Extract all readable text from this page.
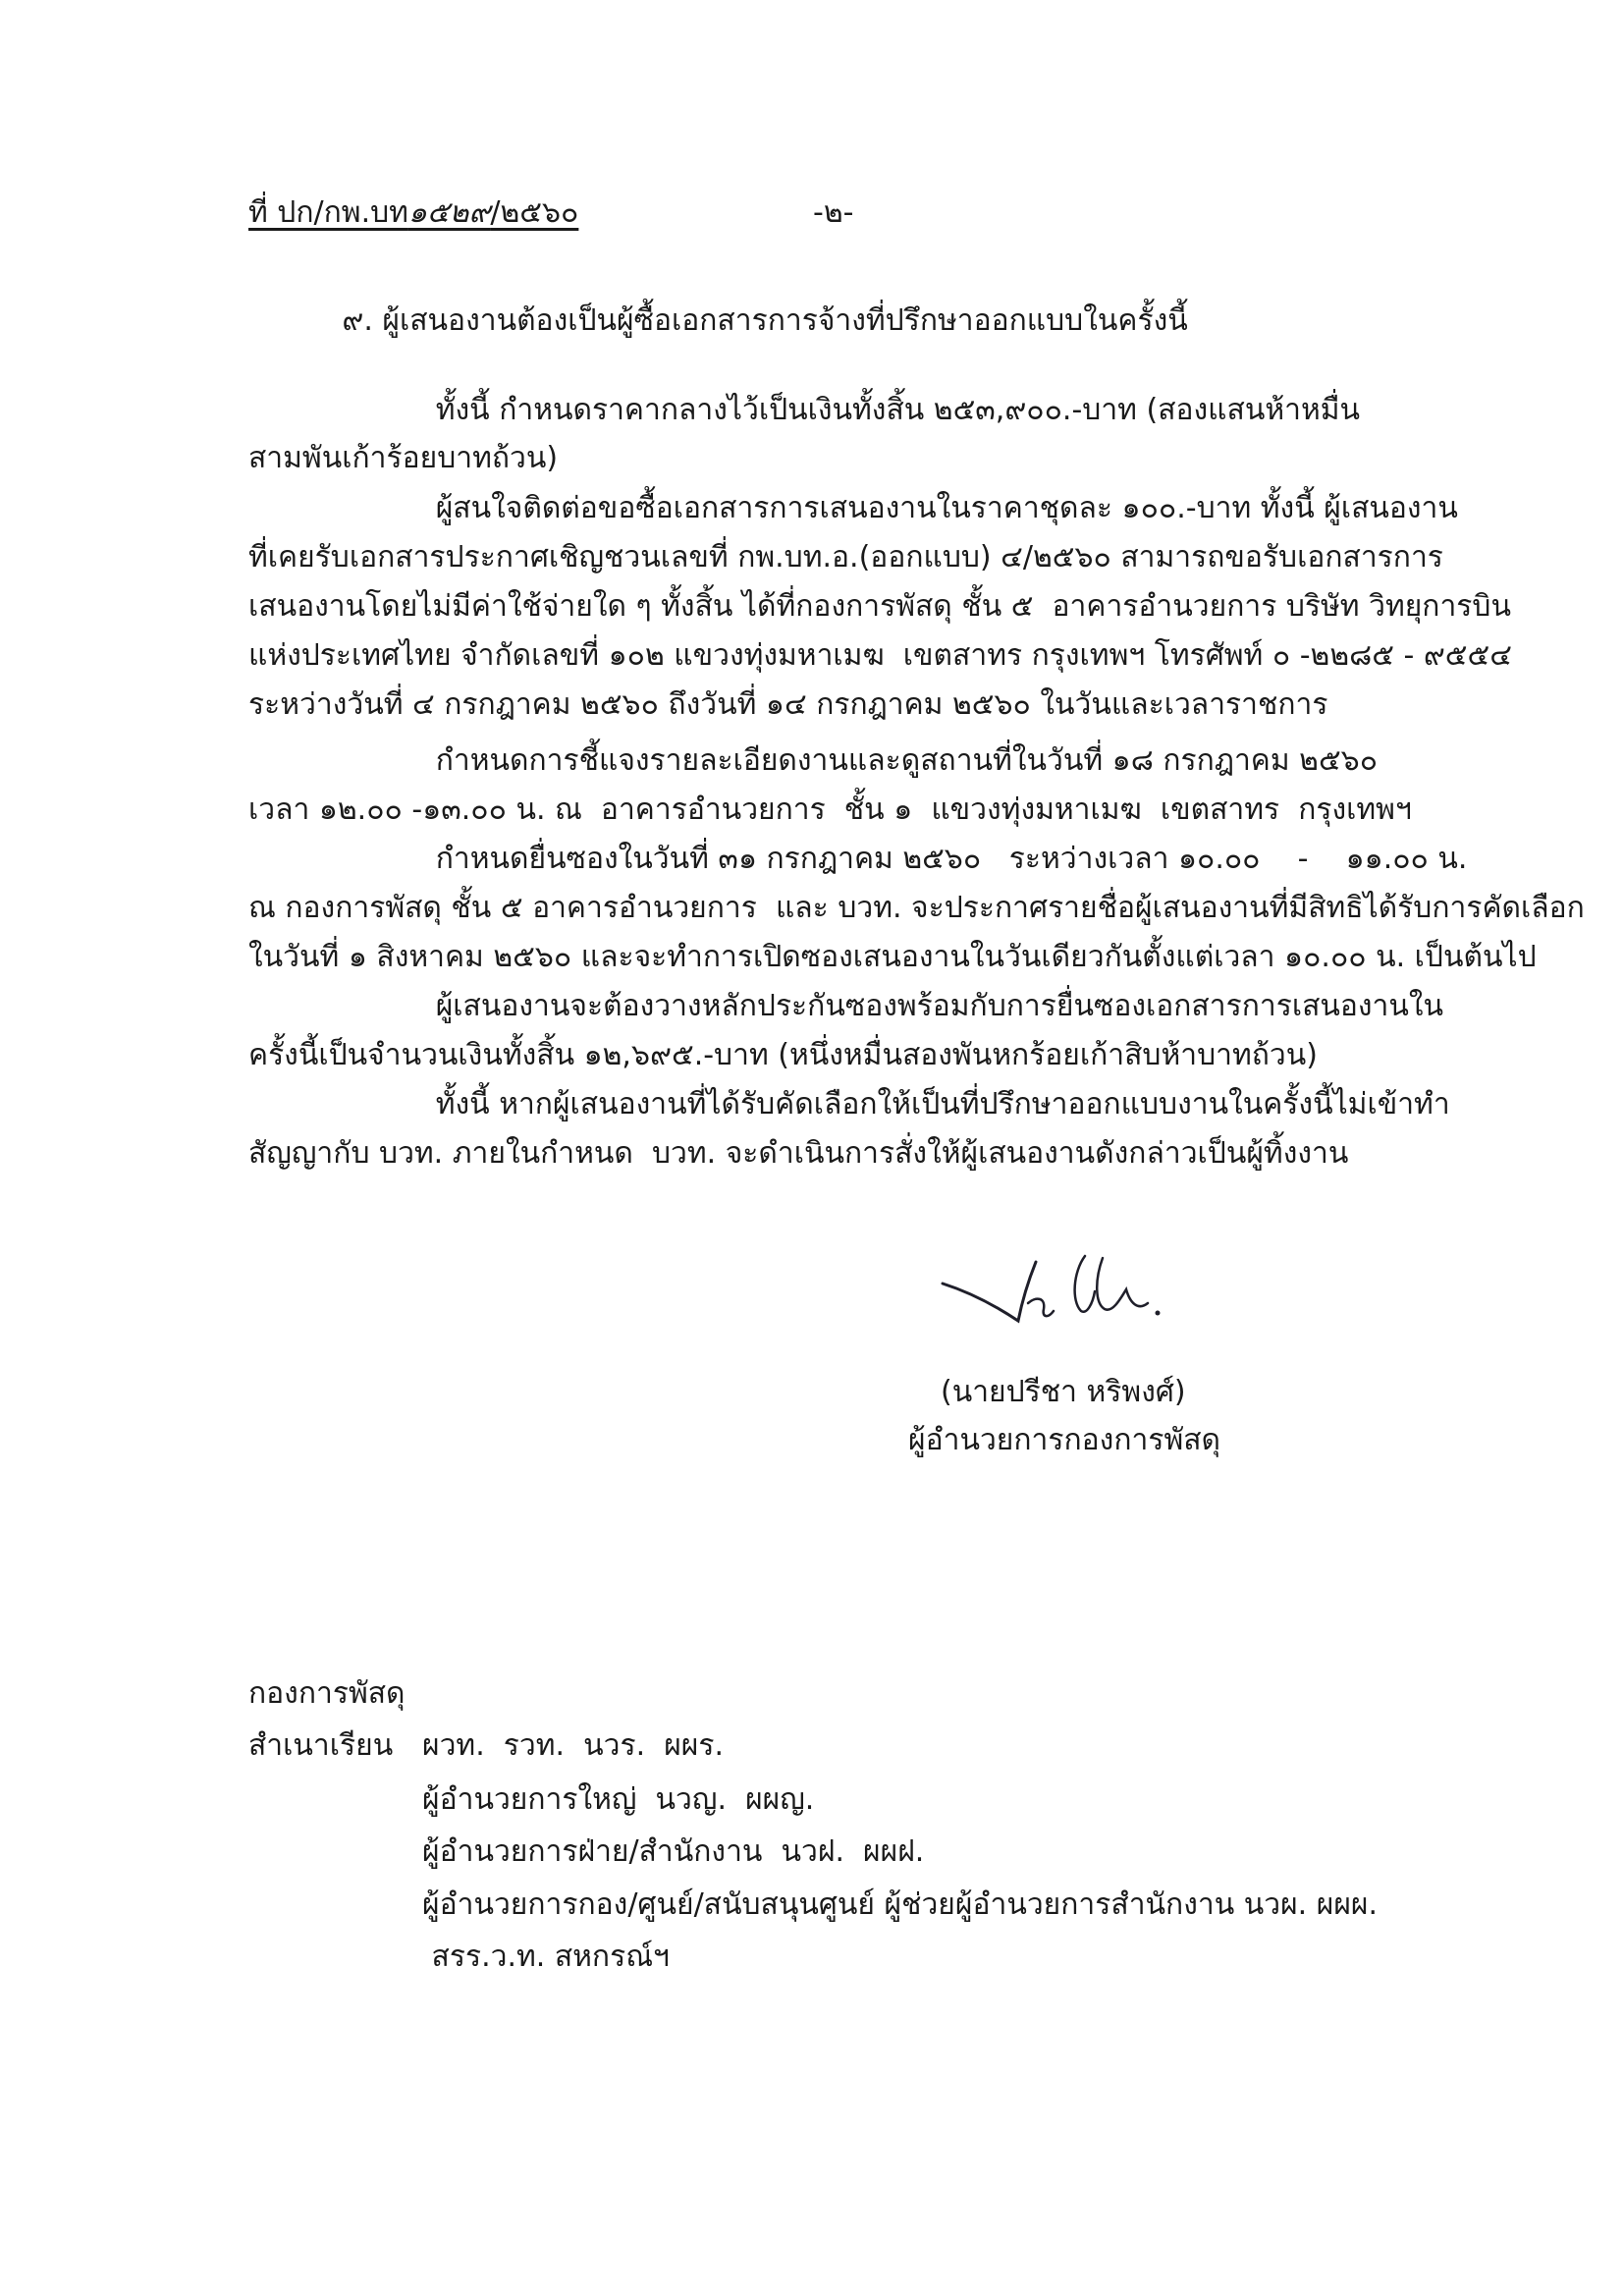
ที่ ปก/กพ.บท๑๕๒๙/๒๕๖๐	-๒-
๙. ผู้เสนองานต้องเป็นผู้ซื้อเอกสารการจ้างที่ปรึกษาออกแบบในครั้งนี้
ทั้งนี้ กำหนดราคากลางไว้เป็นเงินทั้งสิ้น ๒๕๓,๙๐๐.-บาท (สองแสนห้าหมื่น
สามพันเก้าร้อยบาทถ้วน)
ผู้สนใจติดต่อขอซื้อเอกสารการเสนองานในราคาชุดละ ๑๐๐.-บาท ทั้งนี้ ผู้เสนองาน
ที่เคยรับเอกสารประกาศเชิญชวนเลขที่ กพ.บท.อ.(ออกแบบ) ๔/๒๕๖๐ สามารถขอรับเอกสารการ
เสนองานโดยไม่มีค่าใช้จ่ายใด ๆ ทั้งสิ้น ได้ที่กองการพัสดุ ชั้น ๕  อาคารอำนวยการ บริษัท วิทยุการบิน
แห่งประเทศไทย จำกัดเลขที่ ๑๐๒ แขวงทุ่งมหาเมฆ  เขตสาทร กรุงเทพฯ โทรศัพท์ ๐ -๒๒๘๕ - ๙๕๕๔
ระหว่างวันที่ ๔ กรกฎาคม ๒๕๖๐ ถึงวันที่ ๑๔ กรกฎาคม ๒๕๖๐ ในวันและเวลาราชการ
กำหนดการชี้แจงรายละเอียดงานและดูสถานที่ในวันที่ ๑๘ กรกฎาคม ๒๕๖๐
เวลา ๑๒.๐๐ -๑๓.๐๐ น. ณ  อาคารอำนวยการ  ชั้น ๑  แขวงทุ่งมหาเมฆ  เขตสาทร  กรุงเทพฯ
กำหนดยื่นซองในวันที่ ๓๑ กรกฎาคม ๒๕๖๐   ระหว่างเวลา ๑๐.๐๐    -    ๑๑.๐๐ น.
ณ กองการพัสดุ ชั้น ๕ อาคารอำนวยการ  และ บวท. จะประกาศรายชื่อผู้เสนองานที่มีสิทธิได้รับการคัดเลือก
ในวันที่ ๑ สิงหาคม ๒๕๖๐ และจะทำการเปิดซองเสนองานในวันเดียวกันตั้งแต่เวลา ๑๐.๐๐ น. เป็นต้นไป
ผู้เสนองานจะต้องวางหลักประกันซองพร้อมกับการยื่นซองเอกสารการเสนองานใน
ครั้งนี้เป็นจำนวนเงินทั้งสิ้น ๑๒,๖๙๕.-บาท (หนึ่งหมื่นสองพันหกร้อยเก้าสิบห้าบาทถ้วน)
ทั้งนี้ หากผู้เสนองานที่ได้รับคัดเลือกให้เป็นที่ปรึกษาออกแบบงานในครั้งนี้ไม่เข้าทำ
สัญญากับ บวท. ภายในกำหนด  บวท. จะดำเนินการสั่งให้ผู้เสนองานดังกล่าวเป็นผู้ทิ้งงาน
(นายปรีชา หริพงศ์)
ผู้อำนวยการกองการพัสดุ
กองการพัสดุ
สำเนาเรียน ผวท.  รวท.  นวร.  ผผร.
ผู้อำนวยการใหญ่  นวญ.  ผผญ.
ผู้อำนวยการฝ่าย/สำนักงาน  นวฝ.  ผผฝ.
ผู้อำนวยการกอง/ศูนย์/สนับสนุนศูนย์ ผู้ช่วยผู้อำนวยการสำนักงาน นวผ. ผผผ.
สรร.ว.ท. สหกรณ์ฯ
